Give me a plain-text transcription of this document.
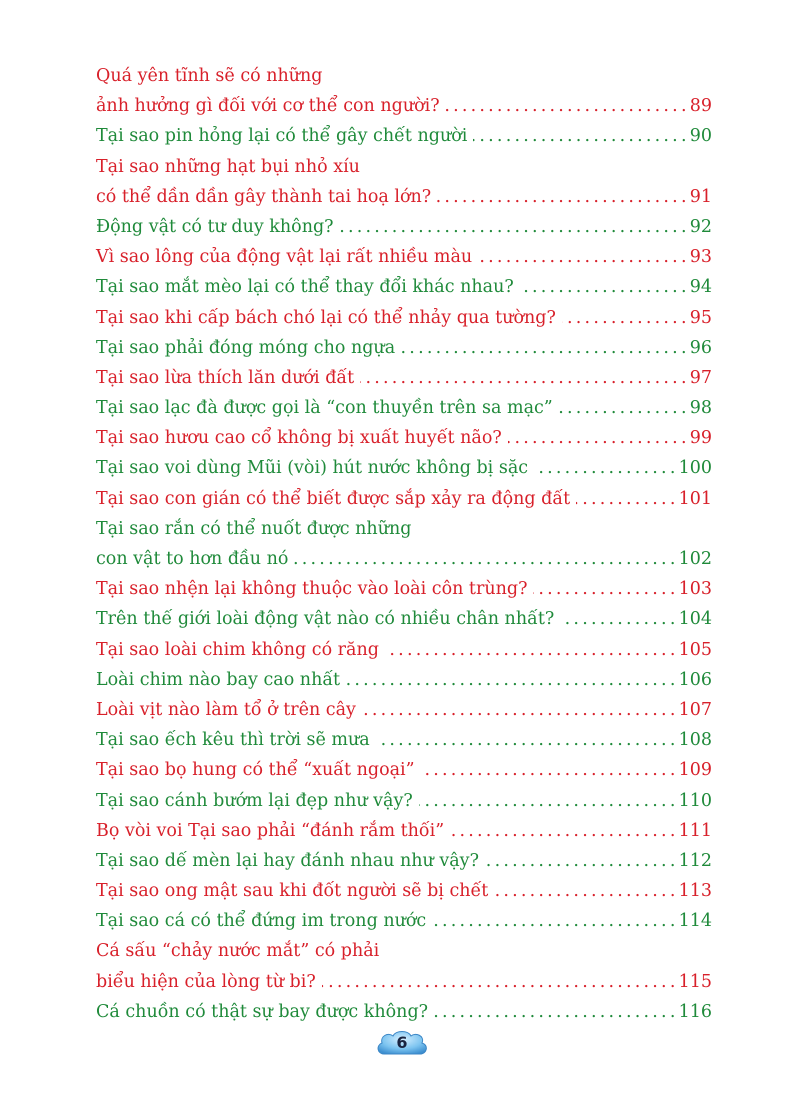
Quá yên tĩnh sẽ có những
ảnh hưởng gì đối với cơ thể con người? .....	89
Tại sao pin hỏng lại có thể gây chết người .....	90
Tại sao những hạt bụi nhỏ xíu
có thể dần dần gây thành tai hoạ lớn? .....	91
Động vật có tư duy không? .....	92
Vì sao lông của động vật lại rất nhiều màu .....	93
Tại sao mắt mèo lại có thể thay đổi khác nhau? .....	94
Tại sao khi cấp bách chó lại có thể nhảy qua tường? .....	95
Tại sao phải đóng móng cho ngựa .....	96
Tại sao lừa thích lăn dưới đất .....	97
Tại sao lạc đà được gọi là “con thuyền trên sa mạc” .....	98
Tại sao hươu cao cổ không bị xuất huyết não? .....	99
Tại sao voi dùng Mũi (vòi) hút nước không bị sặc .....	100
Tại sao con gián có thể biết được sắp xảy ra động đất .....	101
Tại sao rắn có thể nuốt được những
con vật to hơn đầu nó .....	102
Tại sao nhện lại không thuộc vào loài côn trùng? .....	103
Trên thế giới loài động vật nào có nhiều chân nhất? .....	104
Tại sao loài chim không có răng .....	105
Loài chim nào bay cao nhất .....	106
Loài vịt nào làm tổ ở trên cây .....	107
Tại sao ếch kêu thì trời sẽ mưa .....	108
Tại sao bọ hung có thể “xuất ngoại” .....	109
Tại sao cánh bướm lại đẹp như vậy? .....	110
Bọ vòi voi Tại sao phải “đánh rắm thối” .....	111
Tại sao dế mèn lại hay đánh nhau như vậy? .....	112
Tại sao ong mật sau khi đốt người sẽ bị chết .....	113
Tại sao cá có thể đứng im trong nước .....	114
Cá sấu “chảy nước mắt” có phải
biểu hiện của lòng từ bi? .....	115
Cá chuồn có thật sự bay được không? .....	116
6
